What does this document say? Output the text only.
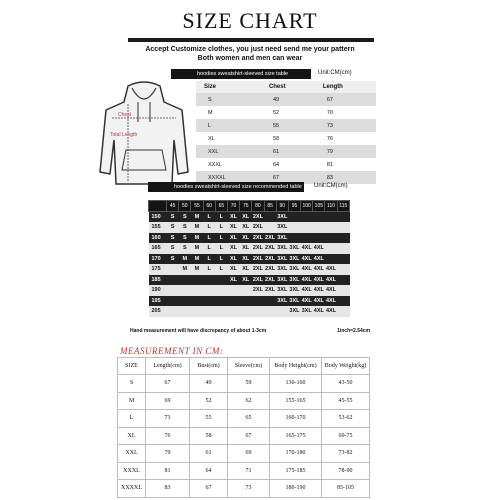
SIZE CHART
Accept Customize clothes, you just need send me your pattern
Both women and men can wear
hoodies sweatshirt-sleeved size table	Unit:CM(cm)
Chest
Total Length
Size	Chest	Length
S	49	67
M	52	70
L	55	73
XL	58	76
XXL	61	79
XXXL	64	81
XXXXL	67	83
hoodies sweatshirt-sleeved size recommended table	Unit:CM(cm)
	45	50	55	60	65	70	75	80	85	90	95	100	105	110	115
150	S	S	M	L	L	XL	XL	2XL		3XL					
155	S	S	M	L	L	XL	XL	2XL		3XL					
160	S	S	M	L	L	XL	XL	2XL	2XL	3XL					
165	S	S	M	L	L	XL	XL	2XL	2XL	3XL	3XL	4XL	4XL		
170	S	M	M	L	L	XL	XL	2XL	2XL	3XL	3XL	4XL	4XL		
175		M	M	L	L	XL	XL	2XL	2XL	3XL	3XL	4XL	4XL	4XL	
185						XL	XL	2XL	2XL	3XL	3XL	4XL	4XL	4XL	
190								2XL	2XL	3XL	3XL	4XL	4XL	4XL	
195										3XL	3XL	4XL	4XL	4XL	
205											3XL	3XL	4XL	4XL	
Hand measurement will have discrepancy of about 1-3cm	1inch=2.54cm
MEASUREMENT IN CM:
SIZE	Length(cm)	Bust(cm)	Sleeve(cm)	Body Height(cm)	Body Weight(kg)
S	67	49	59	130-160	43-50
M	69	52	62	155-165	45-55
L	73	55	65	160-170	53-62
XL	76	58	67	165-175	60-75
XXL	79	61	69	170-180	73-82
XXXL	81	64	71	175-185	78-90
XXXXL	83	67	73	180-190	85-105
